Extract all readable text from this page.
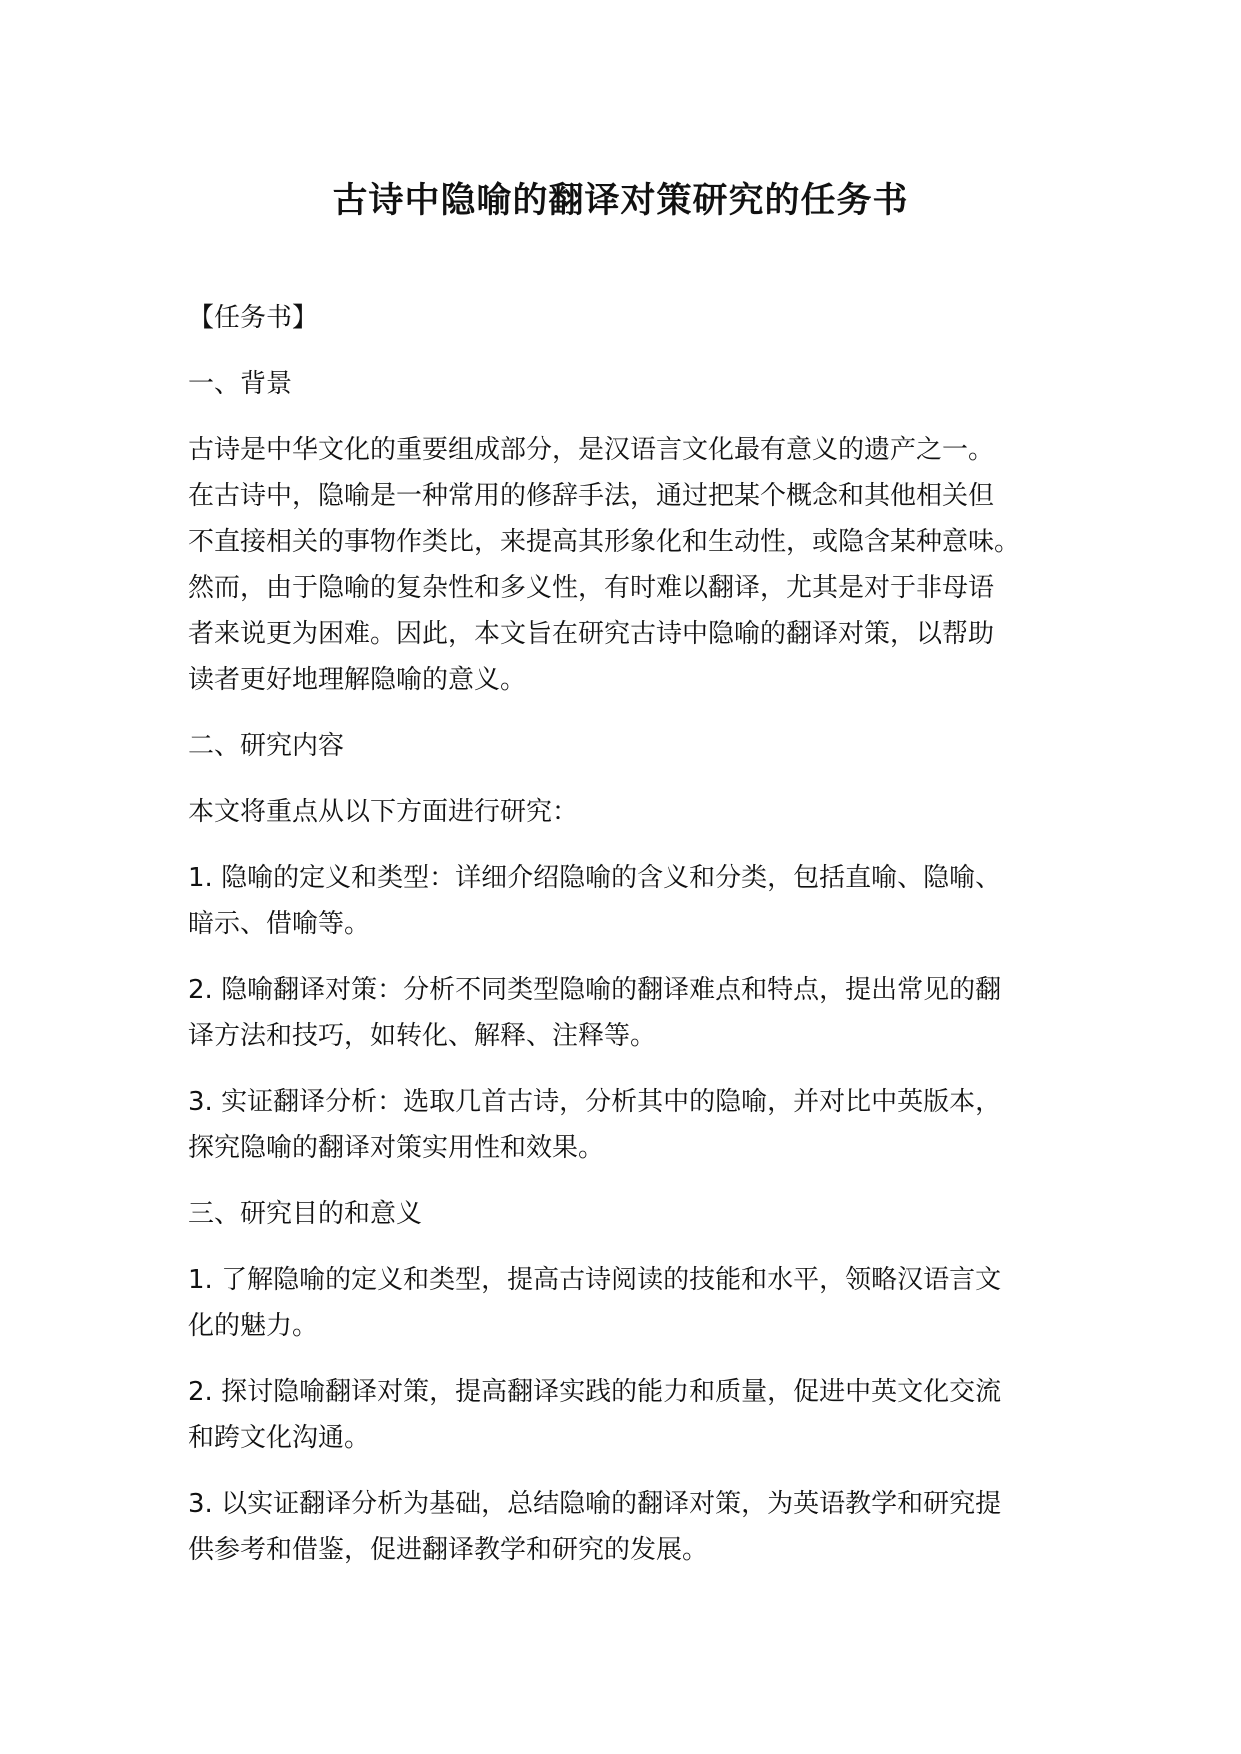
古诗中隐喻的翻译对策研究的任务书
【任务书】
一、背景
古诗是中华文化的重要组成部分，是汉语言文化最有意义的遗产之一。
在古诗中，隐喻是一种常用的修辞手法，通过把某个概念和其他相关但
不直接相关的事物作类比，来提高其形象化和生动性，或隐含某种意味。
然而，由于隐喻的复杂性和多义性，有时难以翻译，尤其是对于非母语
者来说更为困难。因此，本文旨在研究古诗中隐喻的翻译对策，以帮助
读者更好地理解隐喻的意义。
二、研究内容
本文将重点从以下方面进行研究：
1. 隐喻的定义和类型：详细介绍隐喻的含义和分类，包括直喻、隐喻、
暗示、借喻等。
2. 隐喻翻译对策：分析不同类型隐喻的翻译难点和特点，提出常见的翻
译方法和技巧，如转化、解释、注释等。
3. 实证翻译分析：选取几首古诗，分析其中的隐喻，并对比中英版本，
探究隐喻的翻译对策实用性和效果。
三、研究目的和意义
1. 了解隐喻的定义和类型，提高古诗阅读的技能和水平，领略汉语言文
化的魅力。
2. 探讨隐喻翻译对策，提高翻译实践的能力和质量，促进中英文化交流
和跨文化沟通。
3. 以实证翻译分析为基础，总结隐喻的翻译对策，为英语教学和研究提
供参考和借鉴，促进翻译教学和研究的发展。
